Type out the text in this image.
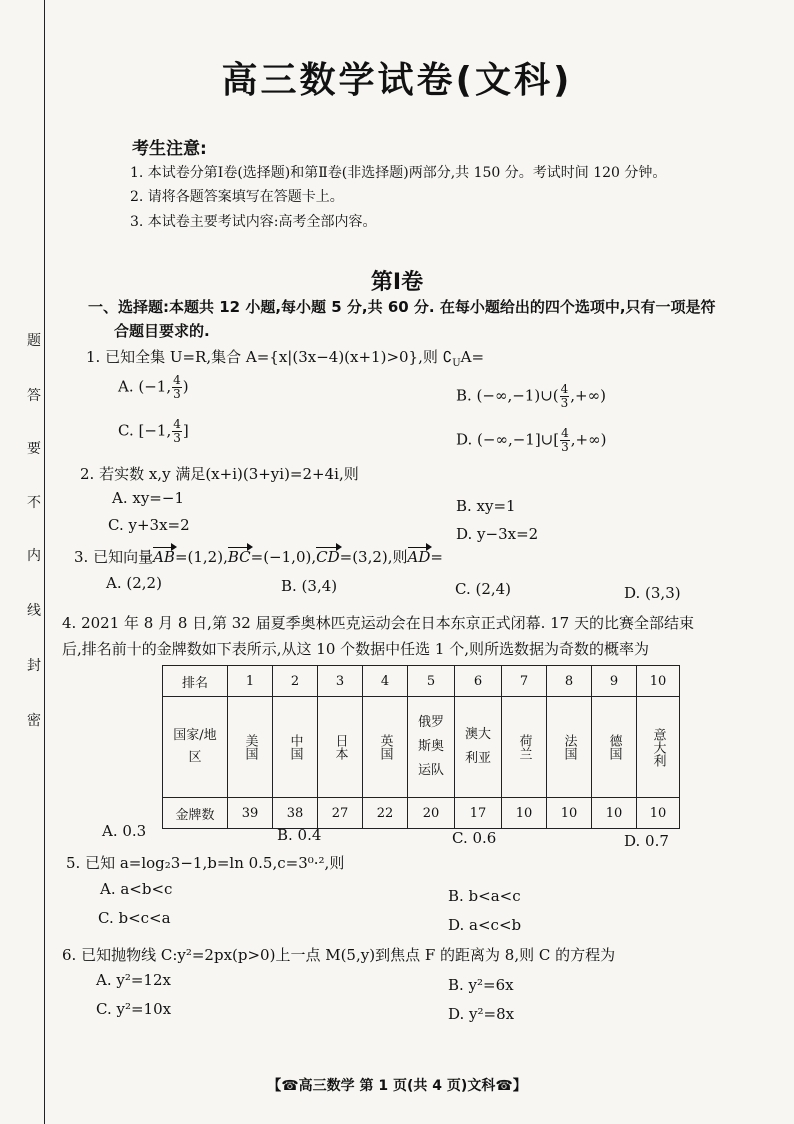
题
答
要
不
内
线
封
密
高三数学试卷(文科)
考生注意:
1. 本试卷分第Ⅰ卷(选择题)和第Ⅱ卷(非选择题)两部分,共 150 分。考试时间 120 分钟。
2. 请将各题答案填写在答题卡上。
3. 本试卷主要考试内容:高考全部内容。
第Ⅰ卷
一、选择题:本题共 12 小题,每小题 5 分,共 60 分. 在每小题给出的四个选项中,只有一项是符
合题目要求的.
1. 已知全集 U=R,集合 A={x|(3x−4)(x+1)>0},则 $∁_UA=$
A. (−1, $\frac{4}{3}$ )	B. (−∞,−1)∪( $\frac{4}{3}$ ,+∞)
C. [−1, $\frac{4}{3}$ ]	D. (−∞,−1]∪[ $\frac{4}{3}$ ,+∞)
2. 若实数 x,y 满足(x+i)(3+yi)=2+4i,则
A. xy=−1	B. xy=1
C. y+3x=2	D. y−3x=2
3. 已知向量AB=(1,2),BC=(−1,0),CD=(3,2),则AD=
A. (2,2)	B. (3,4)	C. (2,4)	D. (3,3)
4. 2021 年 8 月 8 日,第 32 届夏季奥林匹克运动会在日本东京正式闭幕. 17 天的比赛全部结束
后,排名前十的金牌数如下表所示,从这 10 个数据中任选 1 个,则所选数据为奇数的概率为
排名	1	2	3	4	5	6	7	8	9	10

国家/地区	美国	中国	日本	英国	俄罗斯奥运队	澳大利亚	荷兰	法国	德国	意大利

金牌数	39	38	27	22	20	17	10	10	10	10
A. 0.3	B. 0.4	C. 0.6	D. 0.7
5. 已知 a=log₂3−1,b=ln 0.5,c=3⁰·²,则
A. a<b<c	B. b<a<c
C. b<c<a	D. a<c<b
6. 已知抛物线 C:y²=2px(p>0)上一点 M(5,y)到焦点 F 的距离为 8,则 C 的方程为
A. y²=12x	B. y²=6x
C. y²=10x	D. y²=8x
【☎高三数学 第 1 页(共 4 页)文科☎】
